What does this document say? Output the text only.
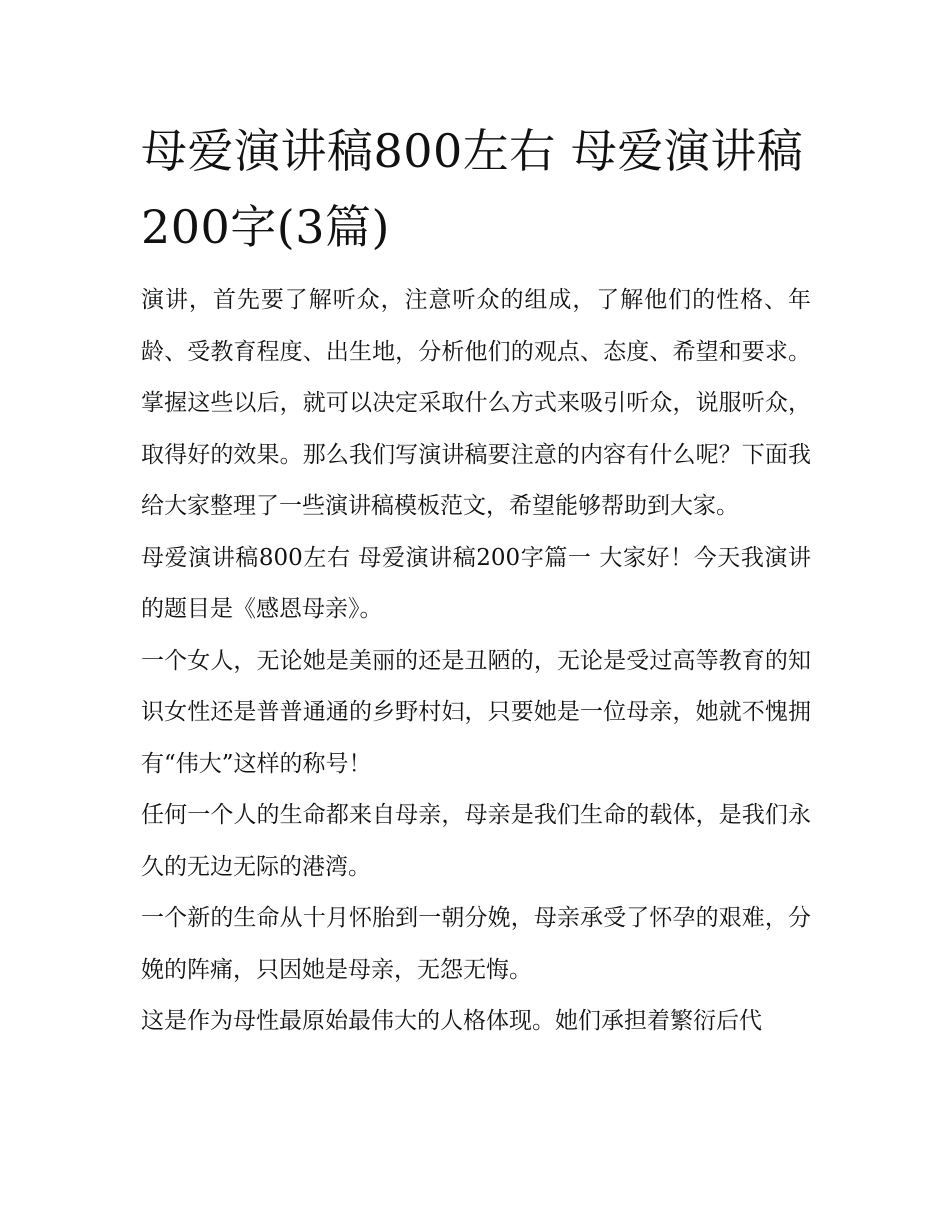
母爱演讲稿800左右 母爱演讲稿200字(3篇)

演讲，首先要了解听众，注意听众的组成，了解他们的性格、年龄、受教育程度、出生地，分析他们的观点、态度、希望和要求。掌握这些以后，就可以决定采取什么方式来吸引听众，说服听众，取得好的效果。那么我们写演讲稿要注意的内容有什么呢？下面我给大家整理了一些演讲稿模板范文，希望能够帮助到大家。

母爱演讲稿800左右 母爱演讲稿200字篇一 大家好！今天我演讲的题目是《感恩母亲》。

一个女人，无论她是美丽的还是丑陋的，无论是受过高等教育的知识女性还是普普通通的乡野村妇，只要她是一位母亲，她就不愧拥有“伟大”这样的称号！

任何一个人的生命都来自母亲，母亲是我们生命的载体，是我们永久的无边无际的港湾。

一个新的生命从十月怀胎到一朝分娩，母亲承受了怀孕的艰难，分娩的阵痛，只因她是母亲，无怨无悔。

这是作为母性最原始最伟大的人格体现。她们承担着繁衍后代
